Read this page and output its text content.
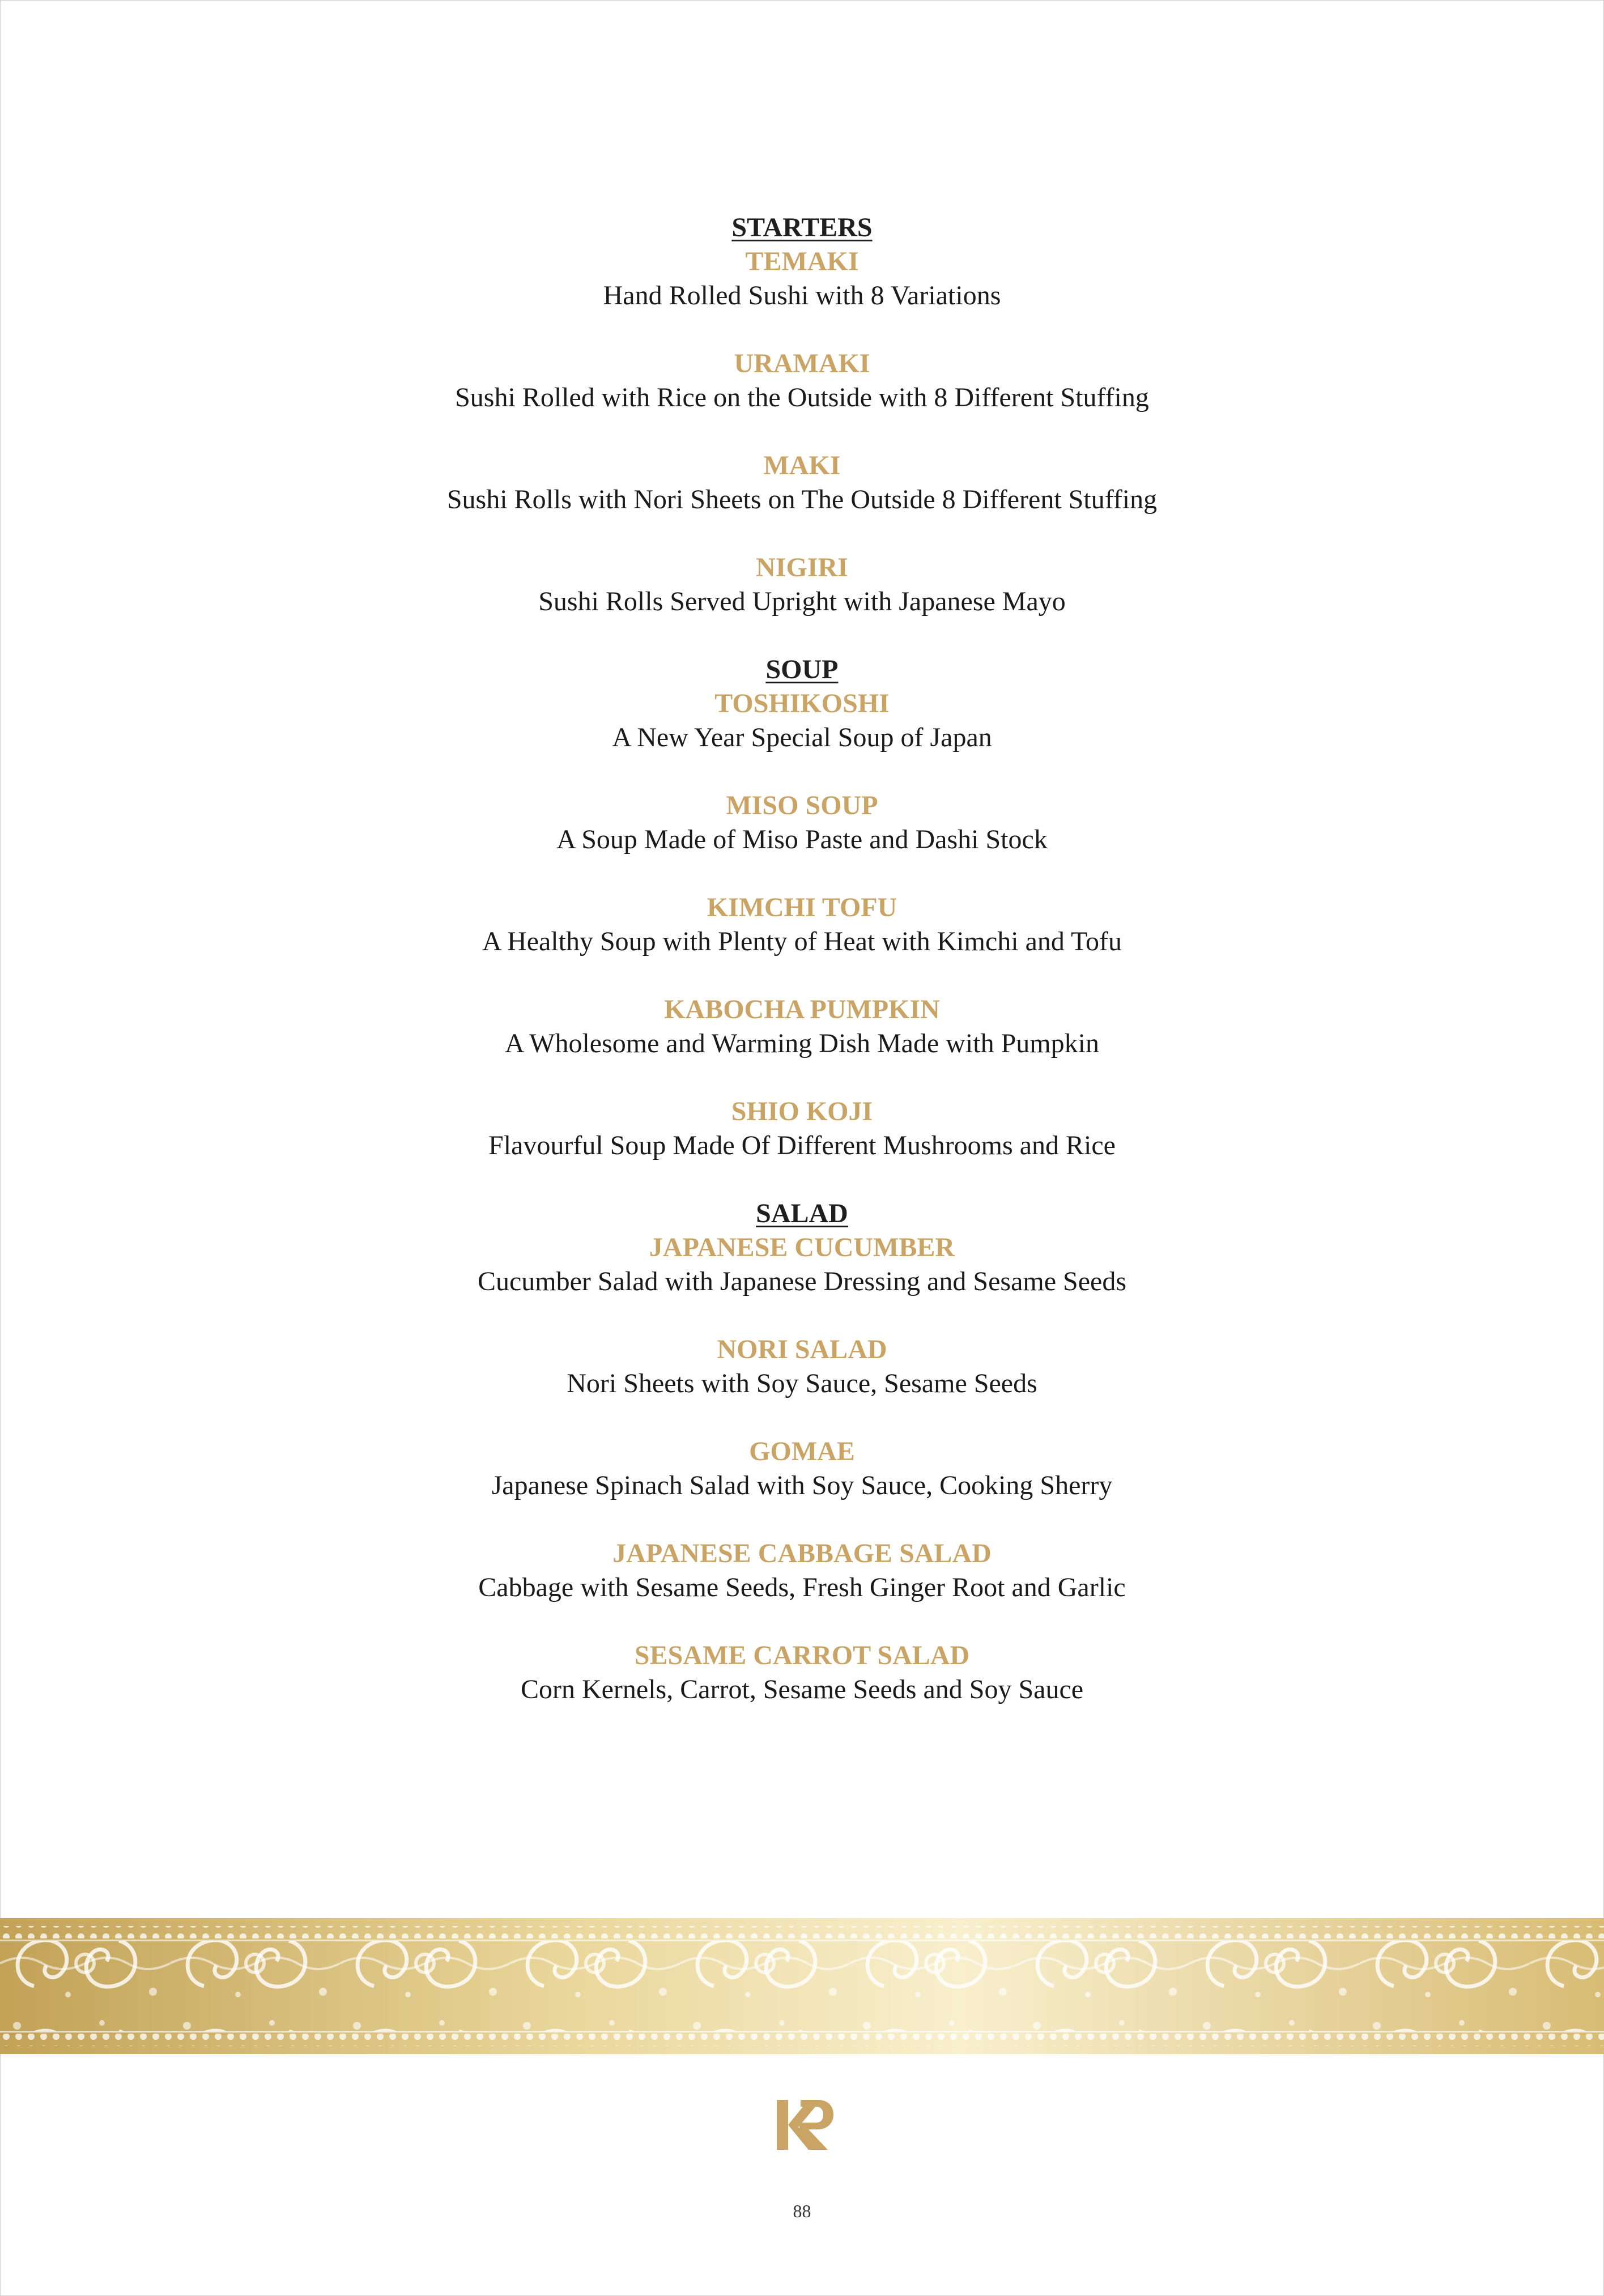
STARTERS
TEMAKI
Hand Rolled Sushi with 8 Variations
URAMAKI
Sushi Rolled with Rice on the Outside with 8 Different Stuffing
MAKI
Sushi Rolls with Nori Sheets on The Outside 8 Different Stuffing
NIGIRI
Sushi Rolls Served Upright with Japanese Mayo
SOUP
TOSHIKOSHI
A New Year Special Soup of Japan
MISO SOUP
A Soup Made of Miso Paste and Dashi Stock
KIMCHI TOFU
A Healthy Soup with Plenty of Heat with Kimchi and Tofu
KABOCHA PUMPKIN
A Wholesome and Warming Dish Made with Pumpkin
SHIO KOJI
Flavourful Soup Made Of Different Mushrooms and Rice
SALAD
JAPANESE CUCUMBER
Cucumber Salad with Japanese Dressing and Sesame Seeds
NORI SALAD
Nori Sheets with Soy Sauce, Sesame Seeds
GOMAE
Japanese Spinach Salad with Soy Sauce, Cooking Sherry
JAPANESE CABBAGE SALAD
Cabbage with Sesame Seeds, Fresh Ginger Root and Garlic
SESAME CARROT SALAD
Corn Kernels, Carrot, Sesame Seeds and Soy Sauce
88
